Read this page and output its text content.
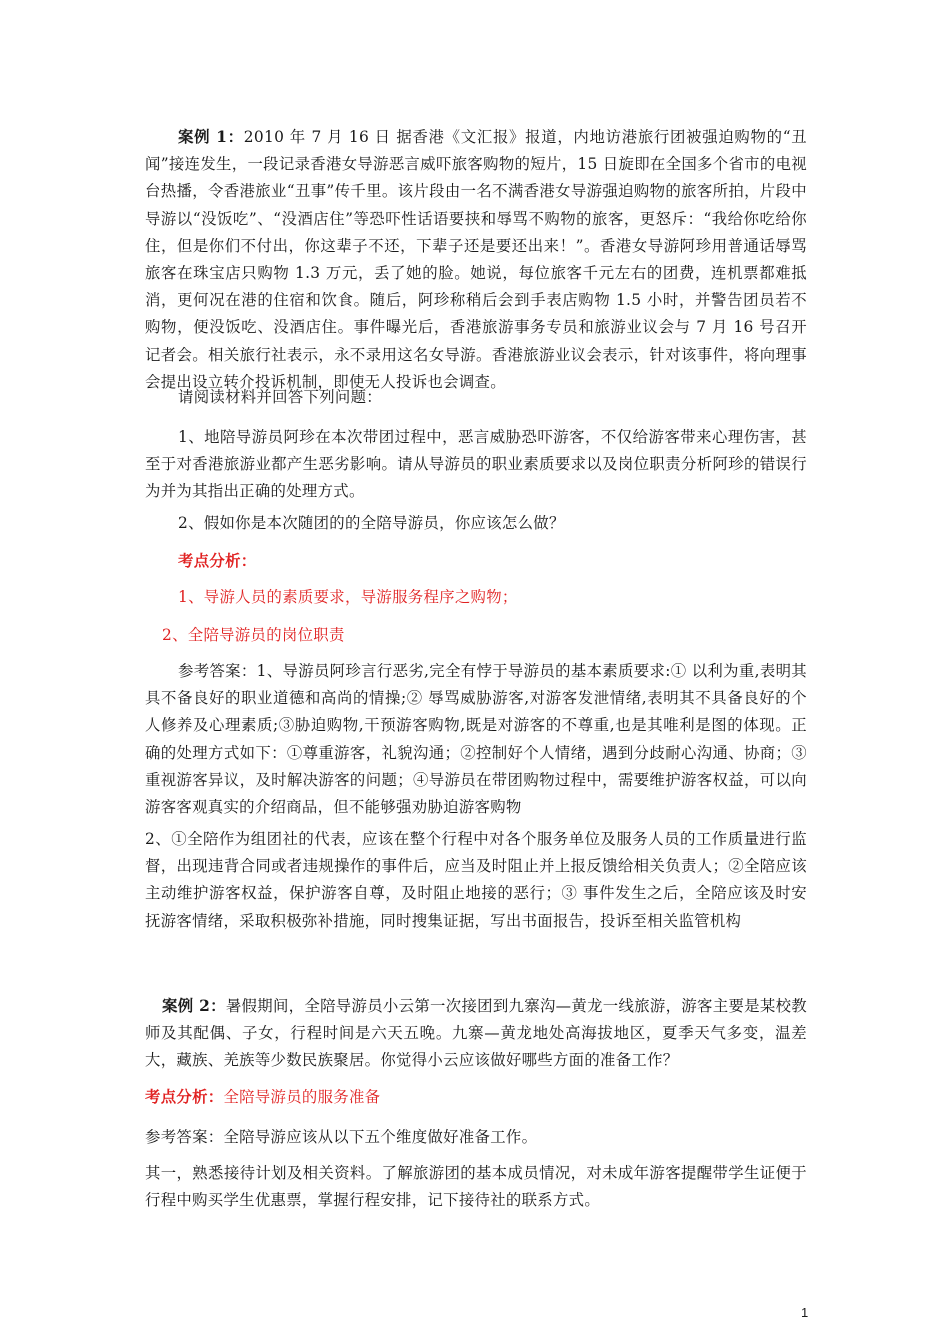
案例 1：2010 年 7 月 16 日 据香港《文汇报》报道，内地访港旅行团被强迫购物的“丑闻”接连发生，一段记录香港女导游恶言威吓旅客购物的短片，15 日旋即在全国多个省市的电视台热播，令香港旅业“丑事”传千里。该片段由一名不满香港女导游强迫购物的旅客所拍，片段中导游以“没饭吃”、“没酒店住”等恐吓性话语要挟和辱骂不购物的旅客，更怒斥：“我给你吃给你住，但是你们不付出，你这辈子不还，下辈子还是要还出来！”。香港女导游阿珍用普通话辱骂旅客在珠宝店只购物 1.3 万元，丢了她的脸。她说，每位旅客千元左右的团费，连机票都难抵消，更何况在港的住宿和饮食。随后，阿珍称稍后会到手表店购物 1.5 小时，并警告团员若不购物，便没饭吃、没酒店住。事件曝光后，香港旅游事务专员和旅游业议会与 7 月 16 号召开记者会。相关旅行社表示，永不录用这名女导游。香港旅游业议会表示，针对该事件，将向理事会提出设立转介投诉机制，即使无人投诉也会调查。

请阅读材料并回答下列问题：

1、地陪导游员阿珍在本次带团过程中，恶言威胁恐吓游客，不仅给游客带来心理伤害，甚至于对香港旅游业都产生恶劣影响。请从导游员的职业素质要求以及岗位职责分析阿珍的错误行为并为其指出正确的处理方式。

2、假如你是本次随团的的全陪导游员，你应该怎么做？

考点分析：

1、导游人员的素质要求，导游服务程序之购物；

2、全陪导游员的岗位职责

参考答案：1、导游员阿珍言行恶劣,完全有悖于导游员的基本素质要求:① 以利为重,表明其具不备良好的职业道德和高尚的情操;② 辱骂威胁游客,对游客发泄情绪,表明其不具备良好的个人修养及心理素质;③胁迫购物,干预游客购物,既是对游客的不尊重,也是其唯利是图的体现。正确的处理方式如下：①尊重游客，礼貌沟通；②控制好个人情绪，遇到分歧耐心沟通、协商；③重视游客异议，及时解决游客的问题；④导游员在带团购物过程中，需要维护游客权益，可以向游客客观真实的介绍商品，但不能够强劝胁迫游客购物

2、①全陪作为组团社的代表，应该在整个行程中对各个服务单位及服务人员的工作质量进行监督，出现违背合同或者违规操作的事件后，应当及时阻止并上报反馈给相关负责人；②全陪应该主动维护游客权益，保护游客自尊，及时阻止地接的恶行；③ 事件发生之后，全陪应该及时安抚游客情绪，采取积极弥补措施，同时搜集证据，写出书面报告，投诉至相关监管机构

案例 2：暑假期间，全陪导游员小云第一次接团到九寨沟—黄龙一线旅游，游客主要是某校教师及其配偶、子女，行程时间是六天五晚。九寨—黄龙地处高海拔地区，夏季天气多变，温差大，藏族、羌族等少数民族聚居。你觉得小云应该做好哪些方面的准备工作？

考点分析：全陪导游员的服务准备

参考答案：全陪导游应该从以下五个维度做好准备工作。

其一，熟悉接待计划及相关资料。了解旅游团的基本成员情况，对未成年游客提醒带学生证便于行程中购买学生优惠票，掌握行程安排，记下接待社的联系方式。

1
